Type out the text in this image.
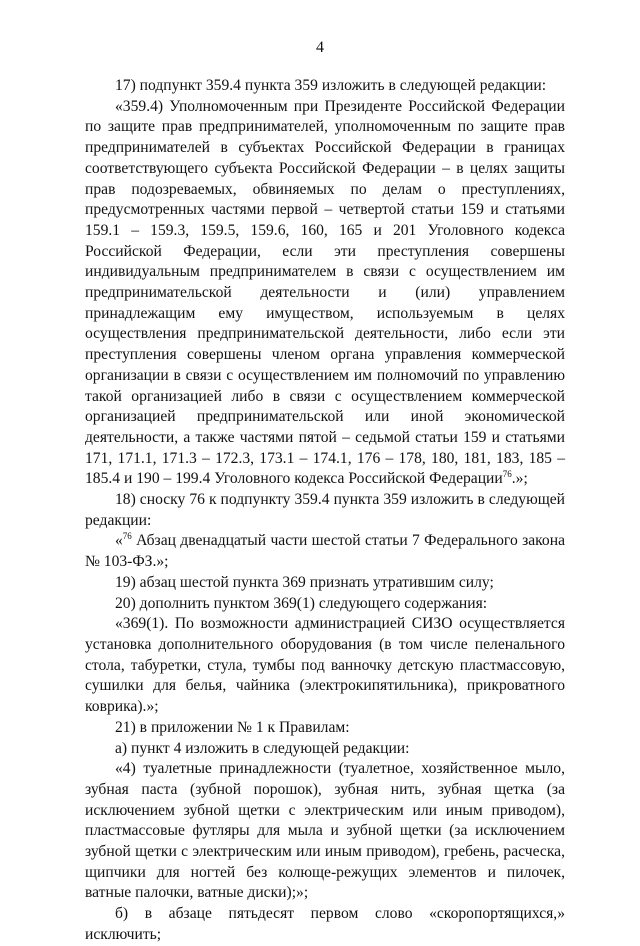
4

17) подпункт 359.4 пункта 359 изложить в следующей редакции:

«359.4) Уполномоченным при Президенте Российской Федерации по защите прав предпринимателей, уполномоченным по защите прав предпринимателей в субъектах Российской Федерации в границах соответствующего субъекта Российской Федерации – в целях защиты прав подозреваемых, обвиняемых по делам о преступлениях, предусмотренных частями первой – четвертой статьи 159 и статьями 159.1 – 159.3, 159.5, 159.6, 160, 165 и 201 Уголовного кодекса Российской Федерации, если эти преступления совершены индивидуальным предпринимателем в связи с осуществлением им предпринимательской деятельности и (или) управлением принадлежащим ему имуществом, используемым в целях осуществления предпринимательской деятельности, либо если эти преступления совершены членом органа управления коммерческой организации в связи с осуществлением им полномочий по управлению такой организацией либо в связи с осуществлением коммерческой организацией предпринимательской или иной экономической деятельности, а также частями пятой – седьмой статьи 159 и статьями 171, 171.1, 171.3 – 172.3, 173.1 – 174.1, 176 – 178, 180, 181, 183, 185 – 185.4 и 190 – 199.4 Уголовного кодекса Российской Федерации$^{76}$.»;

18) сноску 76 к подпункту 359.4 пункта 359 изложить в следующей редакции:

«$^{76}$ Абзац двенадцатый части шестой статьи 7 Федерального закона № 103-ФЗ.»;

19) абзац шестой пункта 369 признать утратившим силу;

20) дополнить пунктом 369(1) следующего содержания:

«369(1). По возможности администрацией СИЗО осуществляется установка дополнительного оборудования (в том числе пеленального стола, табуретки, стула, тумбы под ванночку детскую пластмассовую, сушилки для белья, чайника (электрокипятильника), прикроватного коврика).»;

21) в приложении № 1 к Правилам:

а) пункт 4 изложить в следующей редакции:

«4) туалетные принадлежности (туалетное, хозяйственное мыло, зубная паста (зубной порошок), зубная нить, зубная щетка (за исключением зубной щетки с электрическим или иным приводом), пластмассовые футляры для мыла и зубной щетки (за исключением зубной щетки с электрическим или иным приводом), гребень, расческа, щипчики для ногтей без колюще-режущих элементов и пилочек, ватные палочки, ватные диски);»;

б) в абзаце пятьдесят первом слово «скоропортящихся,» исключить;
